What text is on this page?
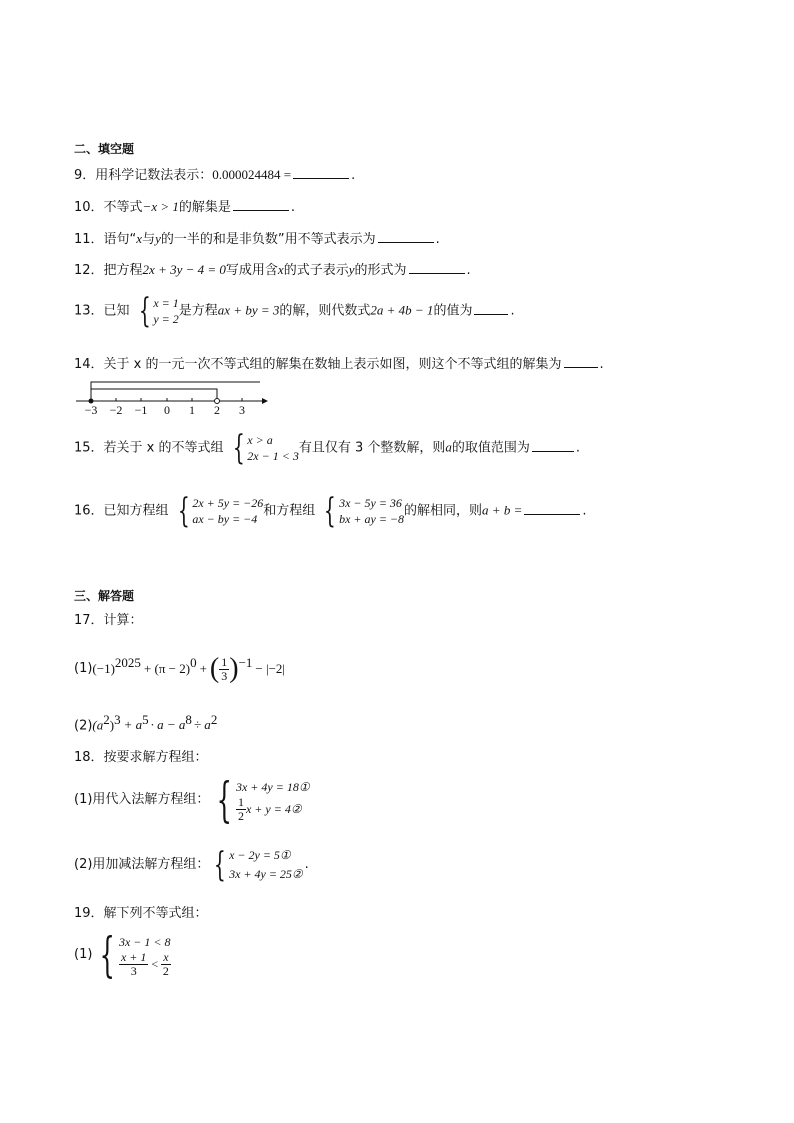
二、填空题
9．用科学记数法表示：0.000024484 =	.
10．不等式−x > 1的解集是	.
11．语句“x与y的一半的和是非负数”用不等式表示为	.
12．把方程2x + 3y − 4 = 0写成用含x的式子表示y的形式为	.
13．已知 { x = 1
y = 2
是方程ax + by = 3的解，则代数式2a + 4b − 1的值为	.
14．关于 x 的一元一次不等式组的解集在数轴上表示如图，则这个不等式组的解集为	.
−3 −2 −1 0 1 2 3
15．若关于 x 的不等式组 { x > a
2x − 1 < 3
有且仅有 3 个整数解，则a的取值范围为	.
16．已知方程组 { 2x + 5y = −26
ax − by = −4
和方程组 { 3x − 5y = 36
bx + ay = −8
的解相同，则a + b =	.
三、解答题
17．计算：
(1) (−1) 2025 + (π − 2) 0 + ( $\frac{1}{3}$ ) −1 − |−2|
$(2)(a^2)^3 + a^5 \cdot a - a^8 \div a^2$
18．按要求解方程组：
(1)用代入法解方程组： { 3x + 4y = 18①
$\frac{1}{2}$ x + y = 4②
(2)用加减法解方程组： { x − 2y = 5①
3x + 4y = 25②
.
19．解下列不等式组：
(1) { 3x − 1 < 8
$\frac{x + 1}{3} < \frac{x}{2}$
